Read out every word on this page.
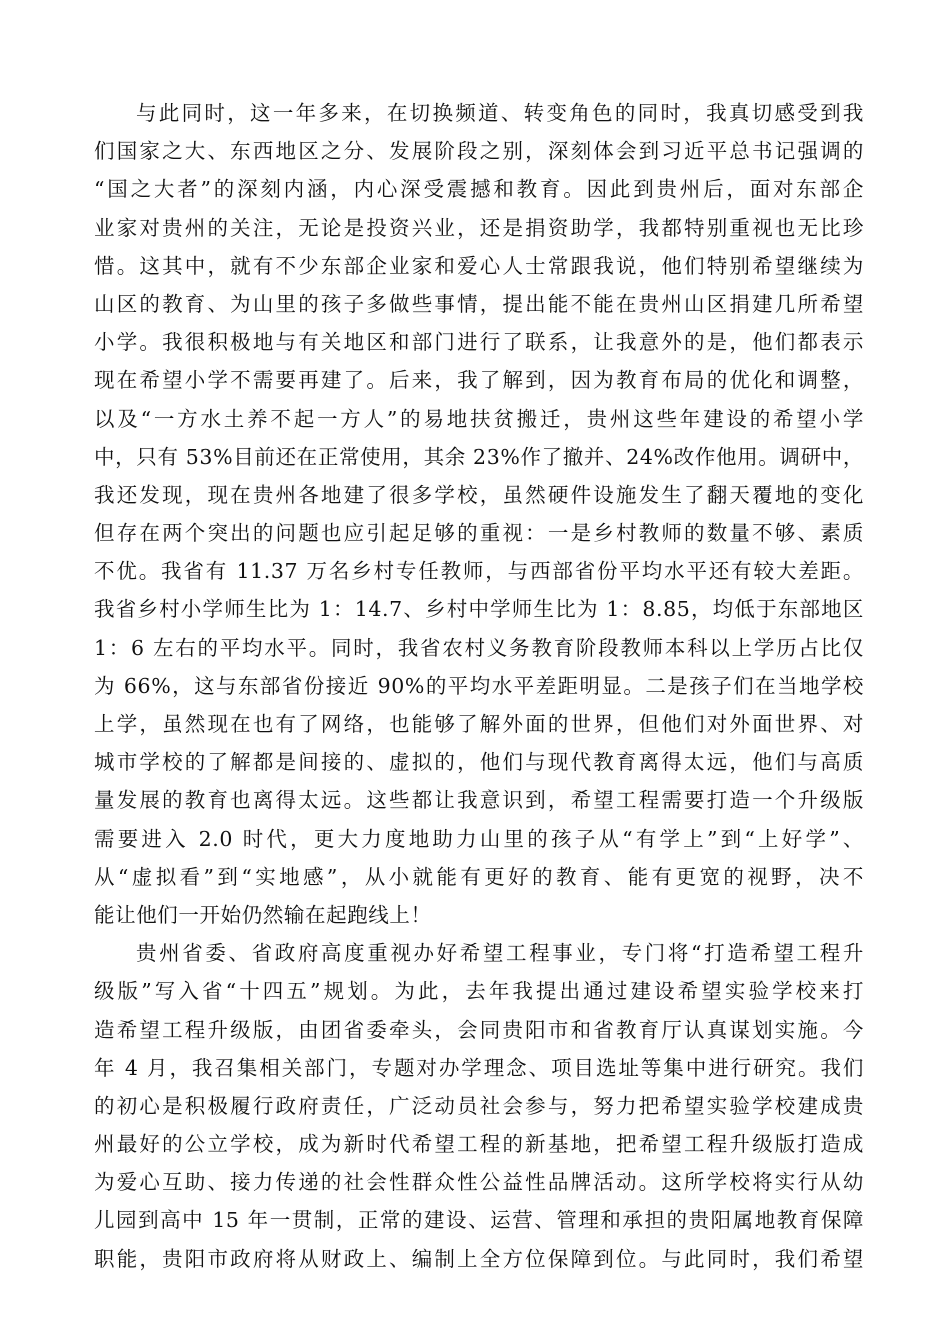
与此同时，这一年多来，在切换频道、转变角色的同时，我真切感受到我
们国家之大、东西地区之分、发展阶段之别，深刻体会到习近平总书记强调的
“国之大者”的深刻内涵，内心深受震撼和教育。因此到贵州后，面对东部企
业家对贵州的关注，无论是投资兴业，还是捐资助学，我都特别重视也无比珍
惜。这其中，就有不少东部企业家和爱心人士常跟我说，他们特别希望继续为
山区的教育、为山里的孩子多做些事情，提出能不能在贵州山区捐建几所希望
小学。我很积极地与有关地区和部门进行了联系，让我意外的是，他们都表示
现在希望小学不需要再建了。后来，我了解到，因为教育布局的优化和调整，
以及“一方水土养不起一方人”的易地扶贫搬迁，贵州这些年建设的希望小学
中，只有 53%目前还在正常使用，其余 23%作了撤并、24%改作他用。调研中，
我还发现，现在贵州各地建了很多学校，虽然硬件设施发生了翻天覆地的变化
但存在两个突出的问题也应引起足够的重视：一是乡村教师的数量不够、素质
不优。我省有 11.37 万名乡村专任教师，与西部省份平均水平还有较大差距。
我省乡村小学师生比为 1：14.7、乡村中学师生比为 1：8.85，均低于东部地区
1：6 左右的平均水平。同时，我省农村义务教育阶段教师本科以上学历占比仅
为 66%，这与东部省份接近 90%的平均水平差距明显。二是孩子们在当地学校
上学，虽然现在也有了网络，也能够了解外面的世界，但他们对外面世界、对
城市学校的了解都是间接的、虚拟的，他们与现代教育离得太远，他们与高质
量发展的教育也离得太远。这些都让我意识到，希望工程需要打造一个升级版
需要进入 2.0 时代，更大力度地助力山里的孩子从“有学上”到“上好学”、
从“虚拟看”到“实地感”，从小就能有更好的教育、能有更宽的视野，决不
能让他们一开始仍然输在起跑线上！
贵州省委、省政府高度重视办好希望工程事业，专门将“打造希望工程升
级版”写入省“十四五”规划。为此，去年我提出通过建设希望实验学校来打
造希望工程升级版，由团省委牵头，会同贵阳市和省教育厅认真谋划实施。今
年 4 月，我召集相关部门，专题对办学理念、项目选址等集中进行研究。我们
的初心是积极履行政府责任，广泛动员社会参与，努力把希望实验学校建成贵
州最好的公立学校，成为新时代希望工程的新基地，把希望工程升级版打造成
为爱心互助、接力传递的社会性群众性公益性品牌活动。这所学校将实行从幼
儿园到高中 15 年一贯制，正常的建设、运营、管理和承担的贵阳属地教育保障
职能，贵阳市政府将从财政上、编制上全方位保障到位。与此同时，我们希望
